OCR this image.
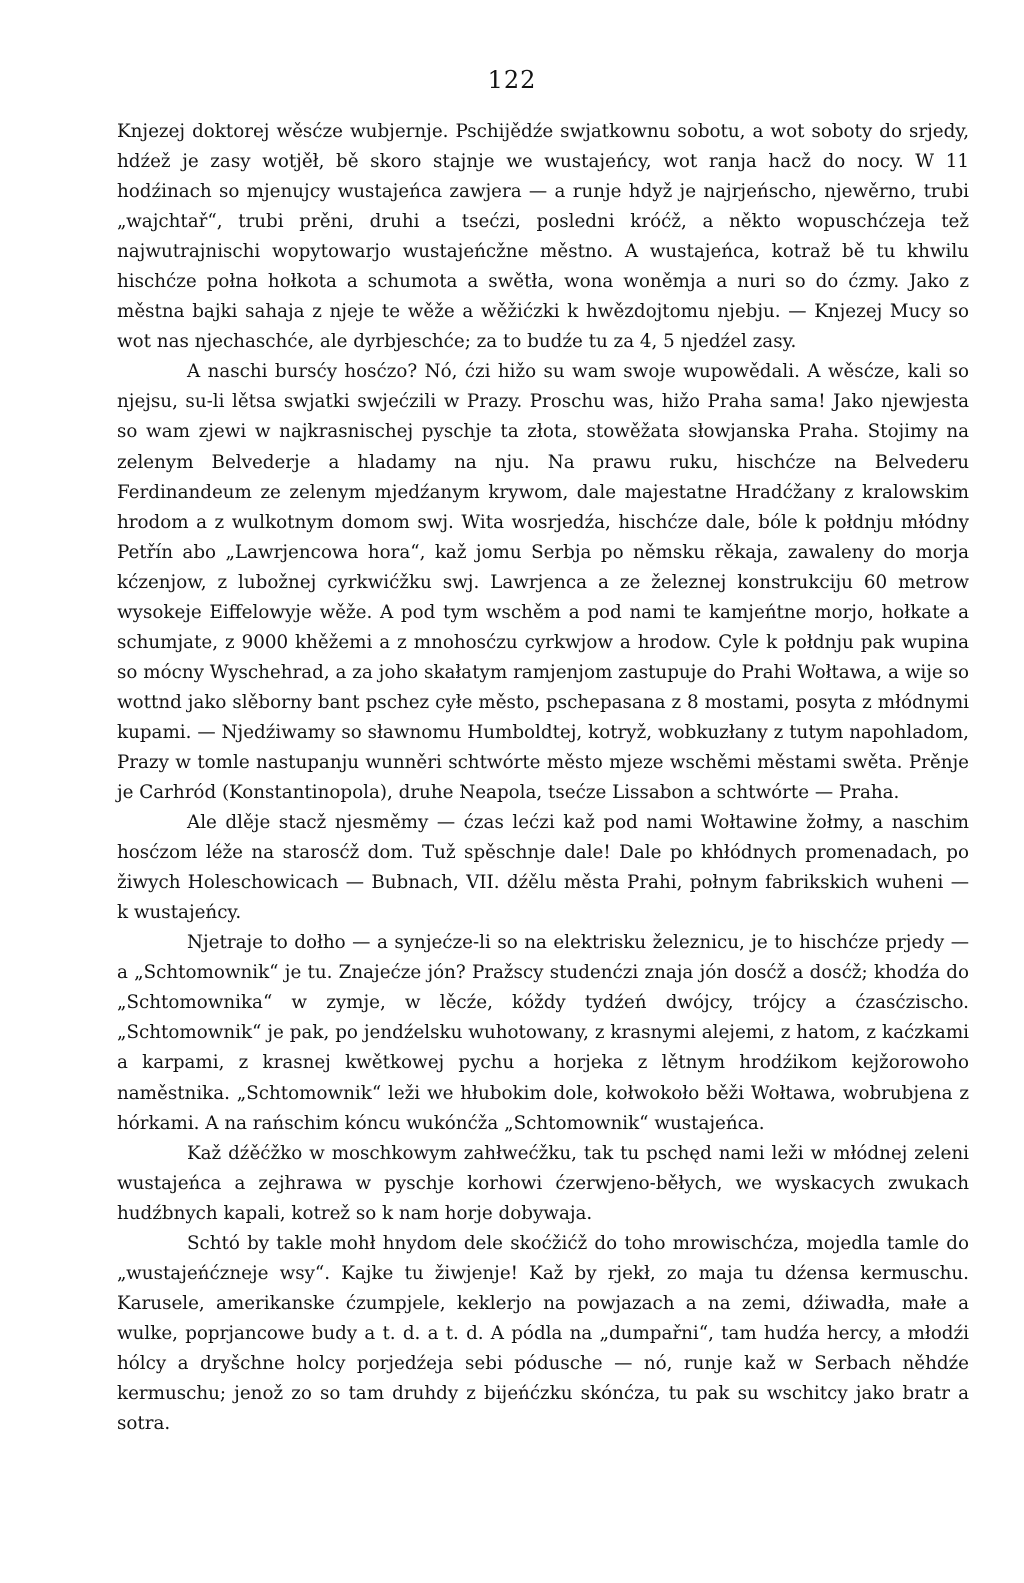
122

Knjezej doktorej wěsćze wubjernje. Pschijědźe swjatkownu sobotu, a wot soboty do srjedy, hdźež je zasy wotjěł, bě skoro stajnje we wustajeńcy, wot ranja hacž do nocy. W 11 hodźinach so mjenujcy wustajeńca zawjera — a runje hdyž je najrjeńscho, njewěrno, trubi „wajchtař“, trubi prěni, druhi a tsećzi, posledni króćž, a někto wopuschćzeja tež najwutrajnischi wopytowarjo wustajeńcžne městno. A wustajeńca, kotraž bě tu khwilu hischćze połna hołkota a schumota a swětła, wona woněmja a nuri so do ćzmy. Jako z městna bajki sahaja z njeje te wěže a wěžićzki k hwězdojtomu njebju. — Knjezej Mucy so wot nas njechaschće, ale dyrbjeschće; za to budźe tu za 4, 5 njedźel zasy.

A naschi bursćy hosćzo? Nó, ćzi hižo su wam swoje wupowědali. A wěsćze, kali so njejsu, su-li lětsa swjatki swjećzili w Prazy. Proschu was, hižo Praha sama! Jako njewjesta so wam zjewi w najkrasnischej pyschje ta złota, stowěžata słowjanska Praha. Stojimy na zelenym Belvederje a hladamy na nju. Na prawu ruku, hischćze na Belvederu Ferdinandeum ze zelenym mjedźanym krywom, dale majestatne Hradćžany z kralowskim hrodom a z wulkotnym domom swj. Wita wosrjedźa, hischćze dale, bóle k połdnju młódny Petřín abo „Lawrjencowa hora“, kaž jomu Serbja po němsku rěkaja, zawaleny do morja kćzenjow, z lubožnej cyrkwićžku swj. Lawrjenca a ze železnej konstrukciju 60 metrow wysokeje Eiffelowyje wěže. A pod tym wschěm a pod nami te kamjeńtne morjo, hołkate a schumjate, z 9000 khěžemi a z mnohosćzu cyrkwjow a hrodow. Cyle k połdnju pak wupina so mócny Wyschehrad, a za joho skałatym ramjenjom zastupuje do Prahi Wołtawa, a wije so wottnd jako slěborny bant pschez cyłe město, pschepasana z 8 mostami, posyta z młódnymi kupami. — Njedźiwamy so sławnomu Humboldtej, kotryž, wobkuzłany z tutym napohladom, Prazy w tomle nastupanju wunněri schtwórte město mjeze wschěmi městami swěta. Prěnje je Carhród (Konstantinopola), druhe Neapola, tsećze Lissabon a schtwórte — Praha.

Ale dlěje stacž njesměmy — ćzas lećzi kaž pod nami Wołtawine žołmy, a naschim hosćzom léže na starosćž dom. Tuž spěschnje dale! Dale po khłódnych promenadach, po žiwych Holeschowicach — Bubnach, VII. dźělu města Prahi, połnym fabrikskich wuheni — k wustajeńcy.

Njetraje to dołho — a synjećze-li so na elektrisku železnicu, je to hischćze prjedy — a „Schtomownik“ je tu. Znajećze jón? Pražscy studenćzi znaja jón dosćž a dosćž; khodźa do „Schtomownika“ w zymje, w lěcźe, kóždy tydźeń dwójcy, trójcy a ćzasćzischo. „Schtomownik“ je pak, po jendźelsku wuhotowany, z krasnymi alejemi, z hatom, z kaćzkami a karpami, z krasnej kwětkowej pychu a horjeka z lětnym hrodźikom kejžorowoho naměstnika. „Schtomownik“ leži we hłubokim dole, kołwokoło běži Wołtawa, wobrubjena z hórkami. A na rańschim kóncu wukónćža „Schtomownik“ wustajeńca.

Kaž dźěćžko w moschkowym zahłwećžku, tak tu pschęd nami leži w młódnej zeleni wustajeńca a zejhrawa w pyschje korhowi ćzerwjeno-běłych, we wyskacych zwukach hudźbnych kapali, kotrež so k nam horje dobywaja.

Schtó by takle mohł hnydom dele skoćžićž do toho mrowischćza, mojedla tamle do „wustajeńćzneje wsy“. Kajke tu žiwjenje! Kaž by rjekł, zo maja tu dźensa kermuschu. Karusele, amerikanske ćzumpjele, keklerjo na powjazach a na zemi, dźiwadła, małe a wulke, poprjancowe budy a t. d. a t. d. A pódla na „dumpařni“, tam hudźa hercy, a młodźi hólcy a dryšchne holcy porjedźeja sebi pódusche — nó, runje kaž w Serbach něhdźe kermuschu; jenož zo so tam druhdy z bijeńćzku skónćza, tu pak su wschitcy jako bratr a sotra.
